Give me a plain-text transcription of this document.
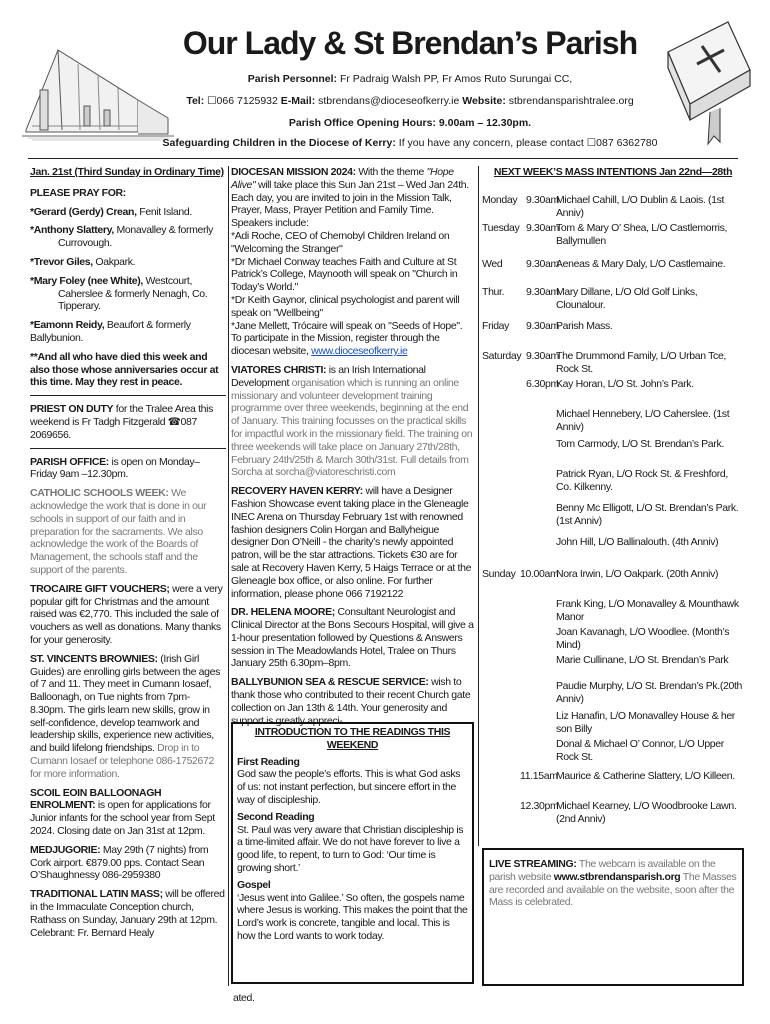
Our Lady & St Brendan’s Parish
Parish Personnel: Fr Padraig Walsh PP, Fr Amos Ruto Surungai CC,
Tel: ☐066 7125932 E-Mail: stbrendans@dioceseofkerry.ie Website: stbrendansparishtralee.org
Parish Office Opening Hours: 9.00am – 12.30pm.
Safeguarding Children in the Diocese of Kerry: If you have any concern, please contact ☐087 6362780

Jan. 21st (Third Sunday in Ordinary Time)

PLEASE PRAY FOR:

*Gerard (Gerdy) Crean, Fenit Island.

*Anthony Slattery, Monavalley & formerly Currovough.

*Trevor Giles, Oakpark.

*Mary Foley (nee White), Westcourt, Caherslee & formerly Nenagh, Co. Tipperary.

*Eamonn Reidy, Beaufort & formerly Ballybunion.

**And all who have died this week and also those whose anniversaries occur at this time. May they rest in peace.

PRIEST ON DUTY for the Tralee Area this weekend is Fr Tadgh Fitzgerald ☎087 2069656.

PARISH OFFICE: is open on Monday– Friday 9am –12.30pm.

CATHOLIC SCHOOLS WEEK: We acknowledge the work that is done in our schools in support of our faith and in preparation for the sacraments. We also acknowledge the work of the Boards of Management, the schools staff and the support of the parents.

TROCAIRE GIFT VOUCHERS; were a very popular gift for Christmas and the amount raised was €2,770. This included the sale of vouchers as well as donations. Many thanks for your generosity.

ST. VINCENTS BROWNIES: (Irish Girl Guides) are enrolling girls between the ages of 7 and 11. They meet in Cumann Iosaef, Balloonagh, on Tue nights from 7pm- 8.30pm. The girls learn new skills, grow in self-confidence, develop teamwork and leadership skills, experience new activities, and build lifelong friendships. Drop in to Cumann Iosaef or telephone 086-1752672 for more information.

SCOIL EOIN BALLOONAGH ENROLMENT: is open for applications for Junior infants for the school year from Sept 2024. Closing date on Jan 31st at 12pm.

MEDJUGORIE: May 29th (7 nights) from Cork airport. €879.00 pps. Contact Sean O’Shaughnessy 086-2959380

TRADITIONAL LATIN MASS; will be offered in the Immaculate Conception church, Rathass on Sunday, January 29th at 12pm. Celebrant: Fr. Bernard Healy

DIOCESAN MISSION 2024: With the theme "Hope Alive" will take place this Sun Jan 21st – Wed Jan 24th. Each day, you are invited to join in the Mission Talk, Prayer, Mass, Prayer Petition and Family Time. Speakers include:
*Adi Roche, CEO of Chernobyl Children Ireland on "Welcoming the Stranger"
*Dr Michael Conway teaches Faith and Culture at St Patrick’s College, Maynooth will speak on "Church in Today’s World."
*Dr Keith Gaynor, clinical psychologist and parent will speak on "Wellbeing"
*Jane Mellett, Trócaire will speak on "Seeds of Hope".
To participate in the Mission, register through the diocesan website, www.dioceseofkerry.ie

VIATORES CHRISTI: is an Irish International Development organisation which is running an online missionary and volunteer development training programme over three weekends, beginning at the end of January. This training focusses on the practical skills for impactful work in the missionary field. The training on three weekends will take place on January 27th/28th, February 24th/25th & March 30th/31st. Full details from Sorcha at sorcha@viatoreschristi.com

RECOVERY HAVEN KERRY: will have a Designer Fashion Showcase event taking place in the Gleneagle INEC Arena on Thursday February 1st with renowned fashion designers Colin Horgan and Ballyheigue designer Don O’Neill - the charity’s newly appointed patron, will be the star attractions. Tickets €30 are for sale at Recovery Haven Kerry, 5 Haigs Terrace or at the Gleneagle box office, or also online. For further information, please phone 066 7192122

DR. HELENA MOORE; Consultant Neurologist and Clinical Director at the Bons Secours Hospital, will give a 1-hour presentation followed by Questions & Answers session in The Meadowlands Hotel, Tralee on Thurs January 25th 6.30pm–8pm.

BALLYBUNION SEA & RESCUE SERVICE: wish to thank those who contributed to their recent Church gate collection on Jan 13th & 14th. Your generosity and support is greatly appreci-

INTRODUCTION TO THE READINGS THIS WEEKEND
First Reading
God saw the people’s efforts. This is what God asks of us: not instant perfection, but sincere effort in the way of discipleship.
Second Reading
St. Paul was very aware that Christian discipleship is a time-limited affair. We do not have forever to live a good life, to repent, to turn to God: ‘Our time is growing short.’
Gospel
‘Jesus went into Galilee.’ So often, the gospels name where Jesus is working. This makes the point that the Lord’s work is concrete, tangible and local. This is how the Lord wants to work today.
ated.
NEXT WEEK’S MASS INTENTIONS Jan 22nd—28th
Monday 9.30am
Michael Cahill, L/O Dublin & Laois. (1st Anniv)
Tuesday 9.30am
Tom & Mary O’ Shea, L/O Castlemorris, Ballymullen
Wed 9.30am
Aeneas & Mary Daly, L/O Castlemaine.
Thur. 9.30am
Mary Dillane, L/O Old Golf Links, Clounalour.
Friday 9.30am
Parish Mass.
Saturday 9.30am
The Drummond Family, L/O Urban Tce, Rock St.
6.30pm
Kay Horan, L/O St. John’s Park.
Michael Hennebery, L/O Caherslee. (1st Anniv)
Tom Carmody, L/O St. Brendan’s Park.
Patrick Ryan, L/O Rock St. & Freshford, Co. Kilkenny.
Benny Mc Elligott, L/O St. Brendan’s Park. (1st Anniv)
John Hill, L/O Ballinalouth. (4th Anniv)
Sunday 10.00am
Nora Irwin, L/O Oakpark. (20th Anniv)
Frank King, L/O Monavalley & Mounthawk Manor
Joan Kavanagh, L/O Woodlee. (Month’s Mind)
Marie Cullinane, L/O St. Brendan’s Park
Paudie Murphy, L/O St. Brendan’s Pk.(20th Anniv)
Liz Hanafin, L/O Monavalley House & her son Billy
Donal & Michael O’ Connor, L/O Upper Rock St.
11.15am
Maurice & Catherine Slattery, L/O Killeen.
12.30pm
Michael Kearney, L/O Woodbrooke Lawn. (2nd Anniv)
LIVE STREAMING: The webcam is available on the parish website www.stbrendansparish.org The Masses are recorded and available on the website, soon after the Mass is celebrated.
